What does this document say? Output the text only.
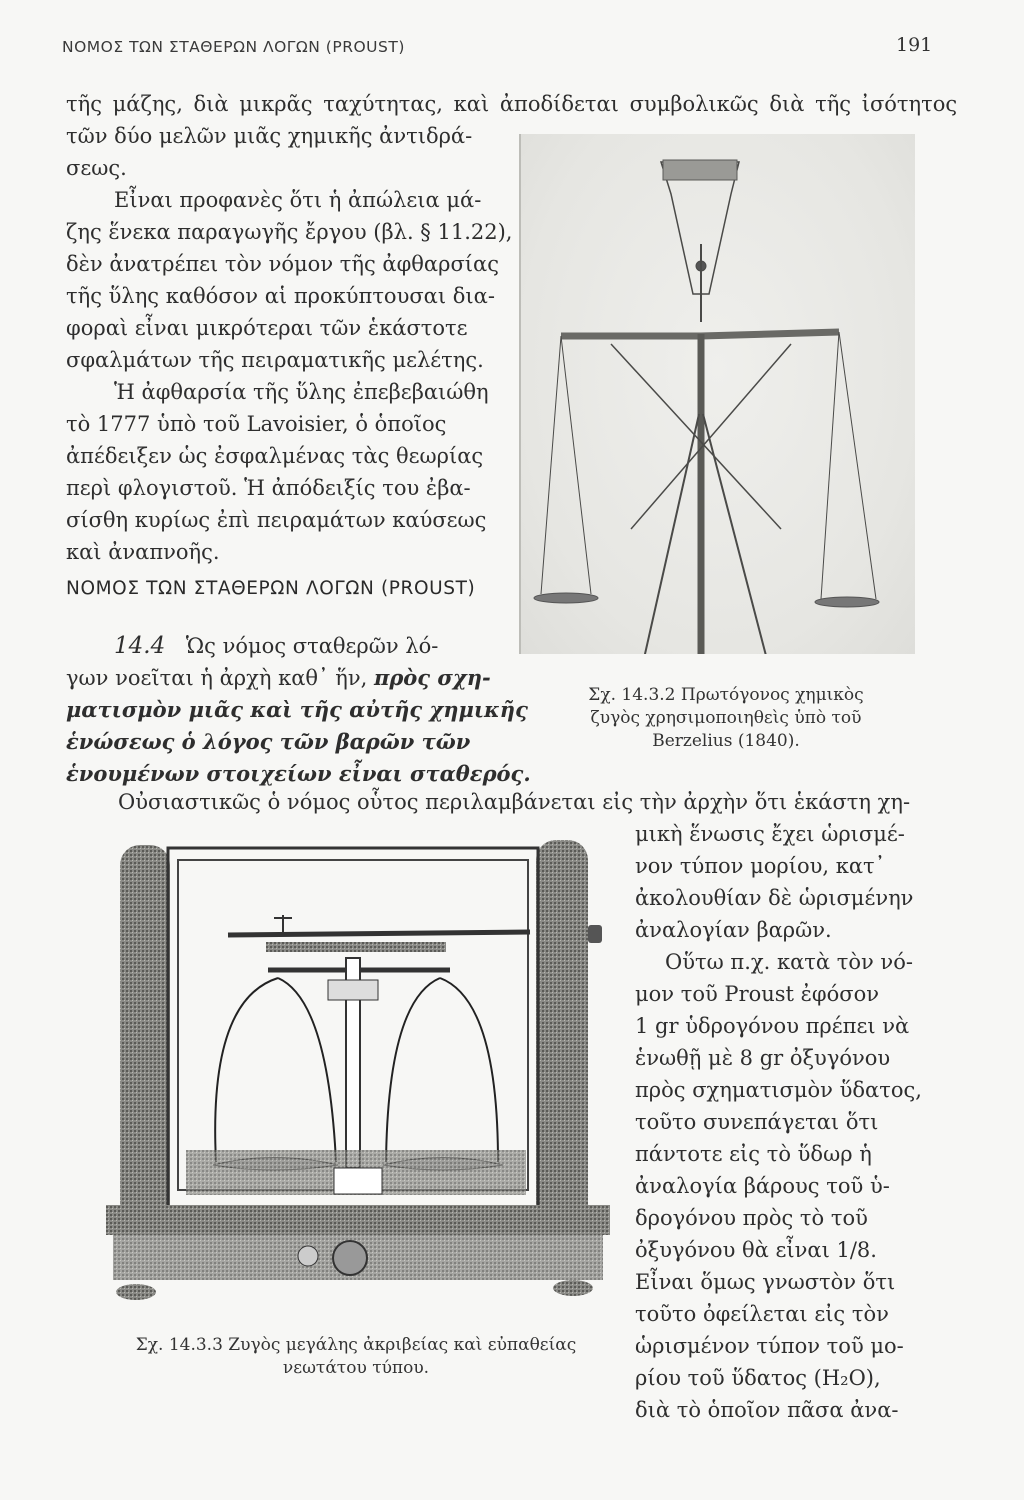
ΝΟΜΟΣ ΤΩΝ ΣΤΑΘΕΡΩΝ ΛΟΓΩΝ (PROUST)	191
τῆς μάζης, διὰ μικρᾶς ταχύτητας, καὶ ἀποδίδεται συμβολικῶς διὰ τῆς ἰσότητος
τῶν δύο μελῶν μιᾶς χημικῆς ἀντιδρά-
σεως.
Εἶναι προφανὲς ὅτι ἡ ἀπώλεια μά-
ζης ἕνεκα παραγωγῆς ἔργου (βλ. § 11.22),
δὲν ἀνατρέπει τὸν νόμον τῆς ἀφθαρσίας
τῆς ὕλης καθόσον αἱ προκύπτουσαι δια-
φοραὶ εἶναι μικρότεραι τῶν ἑκάστοτε
σφαλμάτων τῆς πειραματικῆς μελέτης.
Ἡ ἀφθαρσία τῆς ὕλης ἐπεβεβαιώθη
τὸ 1777 ὑπὸ τοῦ Lavoisier, ὁ ὁποῖος
ἀπέδειξεν ὡς ἐσφαλμένας τὰς θεωρίας
περὶ φλογιστοῦ. Ἡ ἀπόδειξίς του ἐβα-
σίσθη κυρίως ἐπὶ πειραμάτων καύσεως
καὶ ἀναπνοῆς.
ΝΟΜΟΣ ΤΩΝ ΣΤΑΘΕΡΩΝ ΛΟΓΩΝ (PROUST)
14.4 Ὡς νόμος σταθερῶν λό-
γων νοεῖται ἡ ἀρχὴ καθ᾽ ἥν, πρὸς σχη-
ματισμὸν μιᾶς καὶ τῆς αὐτῆς χημικῆς
ἑνώσεως ὁ λόγος τῶν βαρῶν τῶν
ἑνουμένων στοιχείων εἶναι σταθερός.
Σχ. 14.3.2 Πρωτόγονος χημικὸς
ζυγὸς χρησιμοποιηθεὶς ὑπὸ τοῦ
Berzelius (1840).
Οὐσιαστικῶς ὁ νόμος οὗτος περιλαμβάνεται εἰς τὴν ἀρχὴν ὅτι ἑκάστη χη-
μικὴ ἕνωσις ἔχει ὡρισμέ-
νον τύπον μορίου, κατ᾽
ἀκολουθίαν δὲ ὡρισμένην
ἀναλογίαν βαρῶν.
Οὕτω π.χ. κατὰ τὸν νό-
μον τοῦ Proust ἐφόσον
1 gr ὑδρογόνου πρέπει νὰ
ἑνωθῇ μὲ 8 gr ὀξυγόνου
πρὸς σχηματισμὸν ὕδατος,
τοῦτο συνεπάγεται ὅτι
πάντοτε εἰς τὸ ὕδωρ ἡ
ἀναλογία βάρους τοῦ ὑ-
δρογόνου πρὸς τὸ τοῦ
ὀξυγόνου θὰ εἶναι 1/8.
Εἶναι ὅμως γνωστὸν ὅτι
τοῦτο ὀφείλεται εἰς τὸν
ὡρισμένον τύπον τοῦ μο-
ρίου τοῦ ὕδατος (H₂O),
διὰ τὸ ὁποῖον πᾶσα ἀνα-
Σχ. 14.3.3 Ζυγὸς μεγάλης ἀκριβείας καὶ εὐπαθείας
νεωτάτου τύπου.
